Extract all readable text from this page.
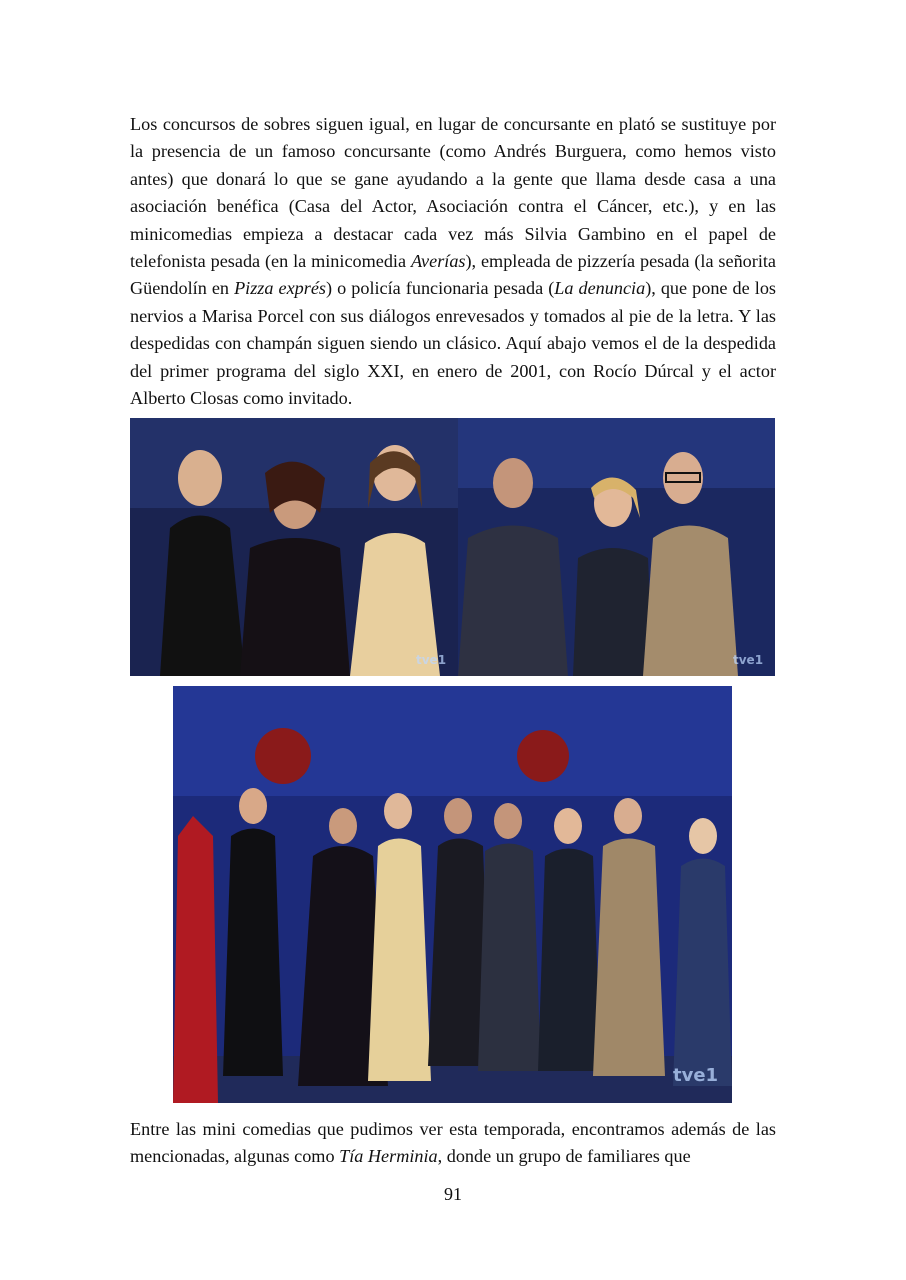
Los concursos de sobres siguen igual, en lugar de concursante en plató se sustituye por la presencia de un famoso concursante (como Andrés Burguera, como hemos visto antes) que donará lo que se gane ayudando a la gente que llama desde casa a una asociación benéfica (Casa del Actor, Asociación contra el Cáncer, etc.), y en las minicomedias empieza a destacar cada vez más Silvia Gambino en el papel de telefonista pesada (en la minicomedia Averías), empleada de pizzería pesada (la señorita Güendolín en Pizza exprés) o policía funcionaria pesada (La denuncia), que pone de los nervios a Marisa Porcel con sus diálogos enrevesados y tomados al pie de la letra. Y las despedidas con champán siguen siendo un clásico. Aquí abajo vemos el de la despedida del primer programa del siglo XXI, en enero de 2001, con Rocío Dúrcal y el actor Alberto Closas como invitado.

tve1	tve1
tve1

Entre las mini comedias que pudimos ver esta temporada, encontramos además de las mencionadas, algunas como Tía Herminia, donde un grupo de familiares que

91
